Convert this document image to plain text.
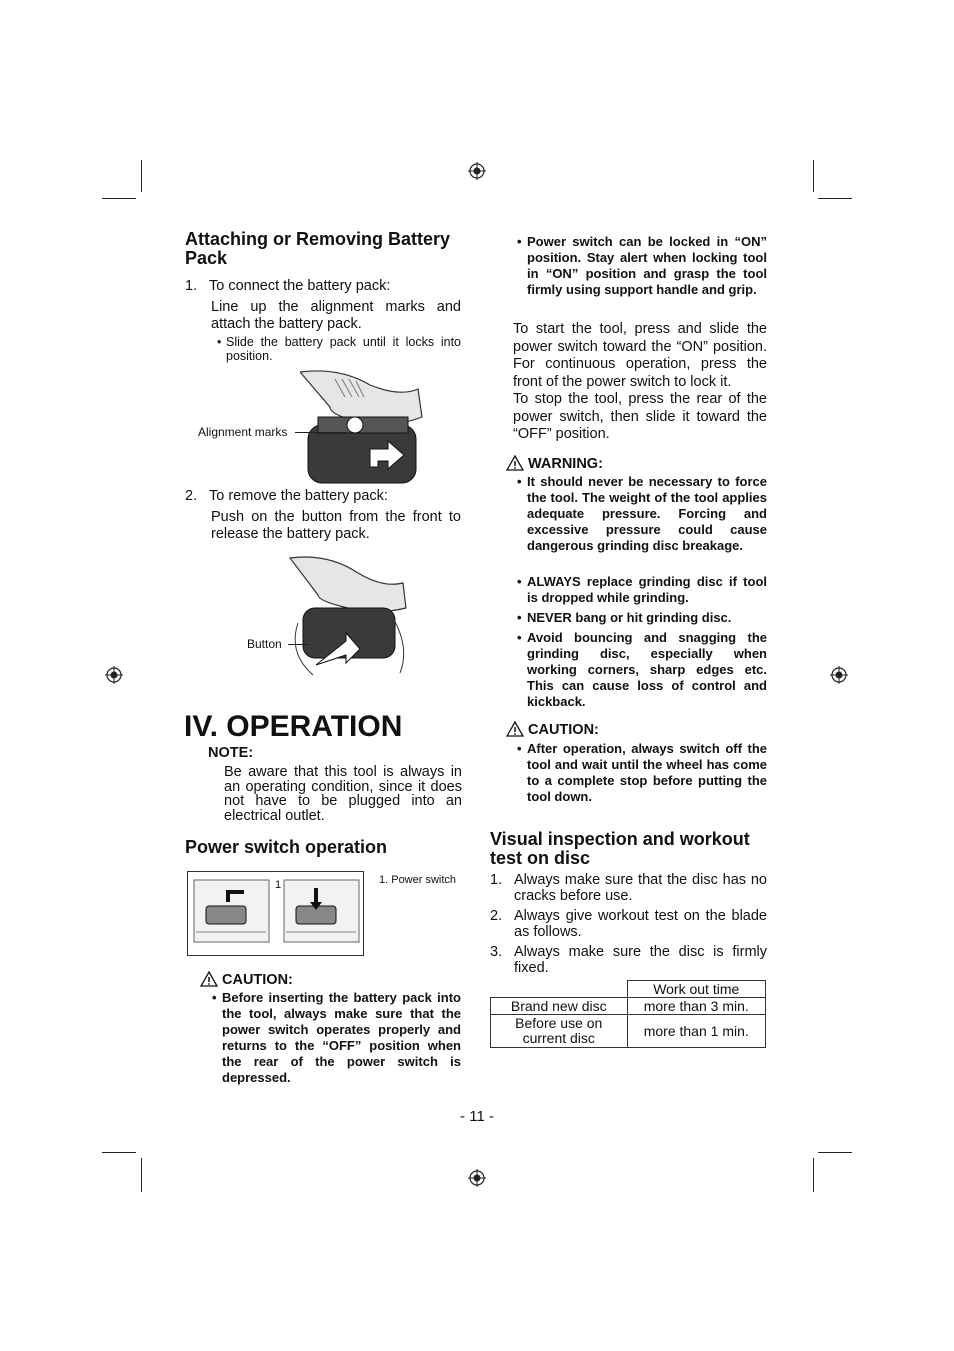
Attaching or Removing Battery Pack
1. To connect the battery pack:
Line up the alignment marks and attach the battery pack.
• Slide the battery pack until it locks into position.
Alignment marks
2. To remove the battery pack:
Push on the button from the front to release the battery pack.
Button
IV. OPERATION
NOTE:
Be aware that this tool is always in an operating condition, since it does not have to be plugged into an electrical outlet.
Power switch operation
1	1. Power switch
CAUTION:
• Before inserting the battery pack into the tool, always make sure that the power switch operates properly and returns to the “OFF” position when the rear of the power switch is depressed.
• Power switch can be locked in “ON” position. Stay alert when locking tool in “ON” position and grasp the tool firmly using support handle and grip.
To start the tool, press and slide the power switch toward the “ON” position. For continuous operation, press the front of the power switch to lock it.
To stop the tool, press the rear of the power switch, then slide it toward the “OFF” position.
WARNING:
• It should never be necessary to force the tool. The weight of the tool applies adequate pressure. Forcing and excessive pressure could cause dangerous grinding disc breakage.
• ALWAYS replace grinding disc if tool is dropped while grinding.
• NEVER bang or hit grinding disc.
• Avoid bouncing and snagging the grinding disc, especially when working corners, sharp edges etc. This can cause loss of control and kickback.
CAUTION:
• After operation, always switch off the tool and wait until the wheel has come to a complete stop before putting the tool down.
Visual inspection and workout test on disc
1. Always make sure that the disc has no cracks before use.
2. Always give workout test on the blade as follows.
3. Always make sure the disc is firmly fixed.
	Work out time
Brand new disc	more than 3 min.
Before use on current disc	more than 1 min.
- 11 -
